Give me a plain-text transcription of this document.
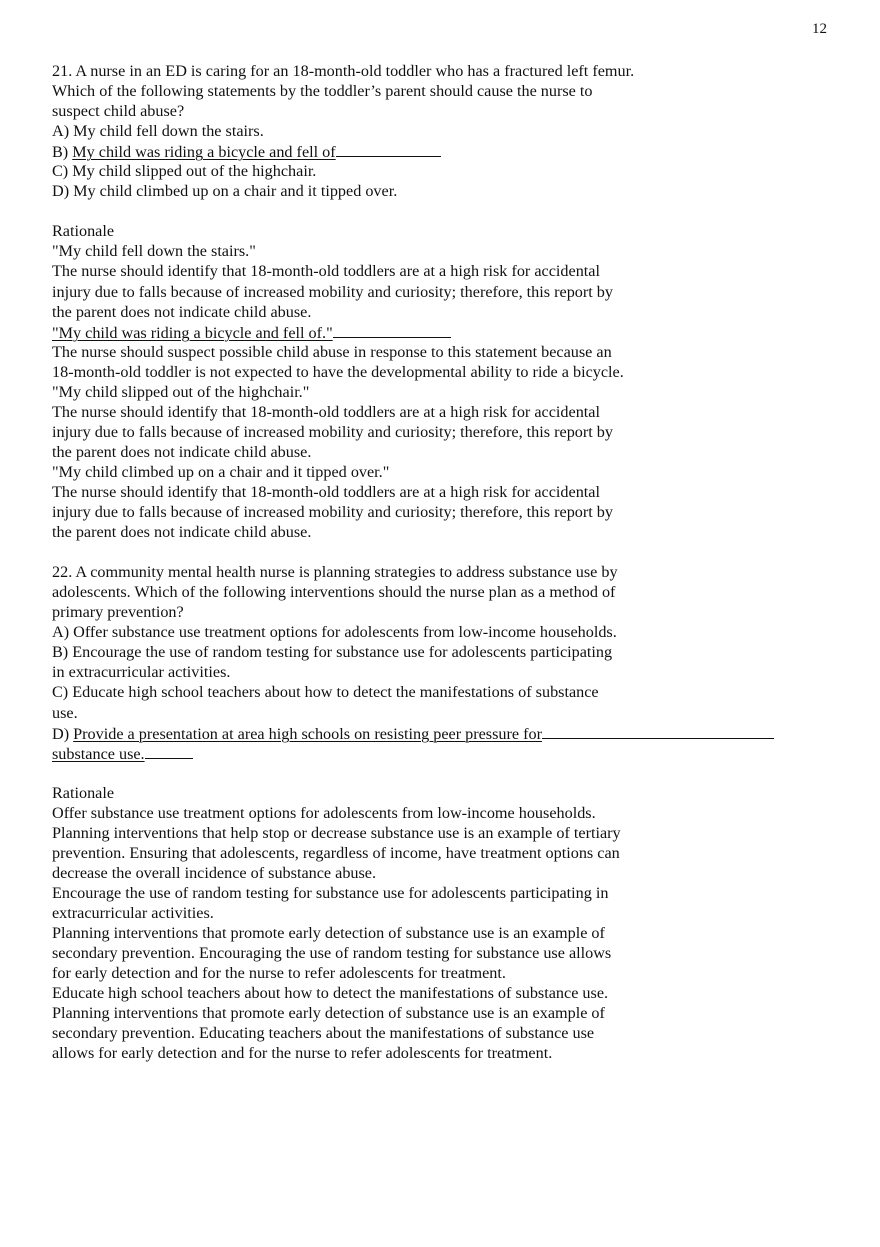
12
21. A nurse in an ED is caring for an 18-month-old toddler who has a fractured left femur.
Which of the following statements by the toddler’s parent should cause the nurse to
suspect child abuse?
A) My child fell down the stairs.
B) My child was riding a bicycle and fell of
C) My child slipped out of the highchair.
D) My child climbed up on a chair and it tipped over.
Rationale
"My child fell down the stairs."
The nurse should identify that 18-month-old toddlers are at a high risk for accidental
injury due to falls because of increased mobility and curiosity; therefore, this report by
the parent does not indicate child abuse.
"My child was riding a bicycle and fell of."
The nurse should suspect possible child abuse in response to this statement because an
18-month-old toddler is not expected to have the developmental ability to ride a bicycle.
"My child slipped out of the highchair."
The nurse should identify that 18-month-old toddlers are at a high risk for accidental
injury due to falls because of increased mobility and curiosity; therefore, this report by
the parent does not indicate child abuse.
"My child climbed up on a chair and it tipped over."
The nurse should identify that 18-month-old toddlers are at a high risk for accidental
injury due to falls because of increased mobility and curiosity; therefore, this report by
the parent does not indicate child abuse.
22. A community mental health nurse is planning strategies to address substance use by
adolescents. Which of the following interventions should the nurse plan as a method of
primary prevention?
A) Offer substance use treatment options for adolescents from low-income households.
B) Encourage the use of random testing for substance use for adolescents participating
in extracurricular activities.
C) Educate high school teachers about how to detect the manifestations of substance
use.
D) Provide a presentation at area high schools on resisting peer pressure for
substance use.
Rationale
Offer substance use treatment options for adolescents from low-income households.
Planning interventions that help stop or decrease substance use is an example of tertiary
prevention. Ensuring that adolescents, regardless of income, have treatment options can
decrease the overall incidence of substance abuse.
Encourage the use of random testing for substance use for adolescents participating in
extracurricular activities.
Planning interventions that promote early detection of substance use is an example of
secondary prevention. Encouraging the use of random testing for substance use allows
for early detection and for the nurse to refer adolescents for treatment.
Educate high school teachers about how to detect the manifestations of substance use.
Planning interventions that promote early detection of substance use is an example of
secondary prevention. Educating teachers about the manifestations of substance use
allows for early detection and for the nurse to refer adolescents for treatment.
